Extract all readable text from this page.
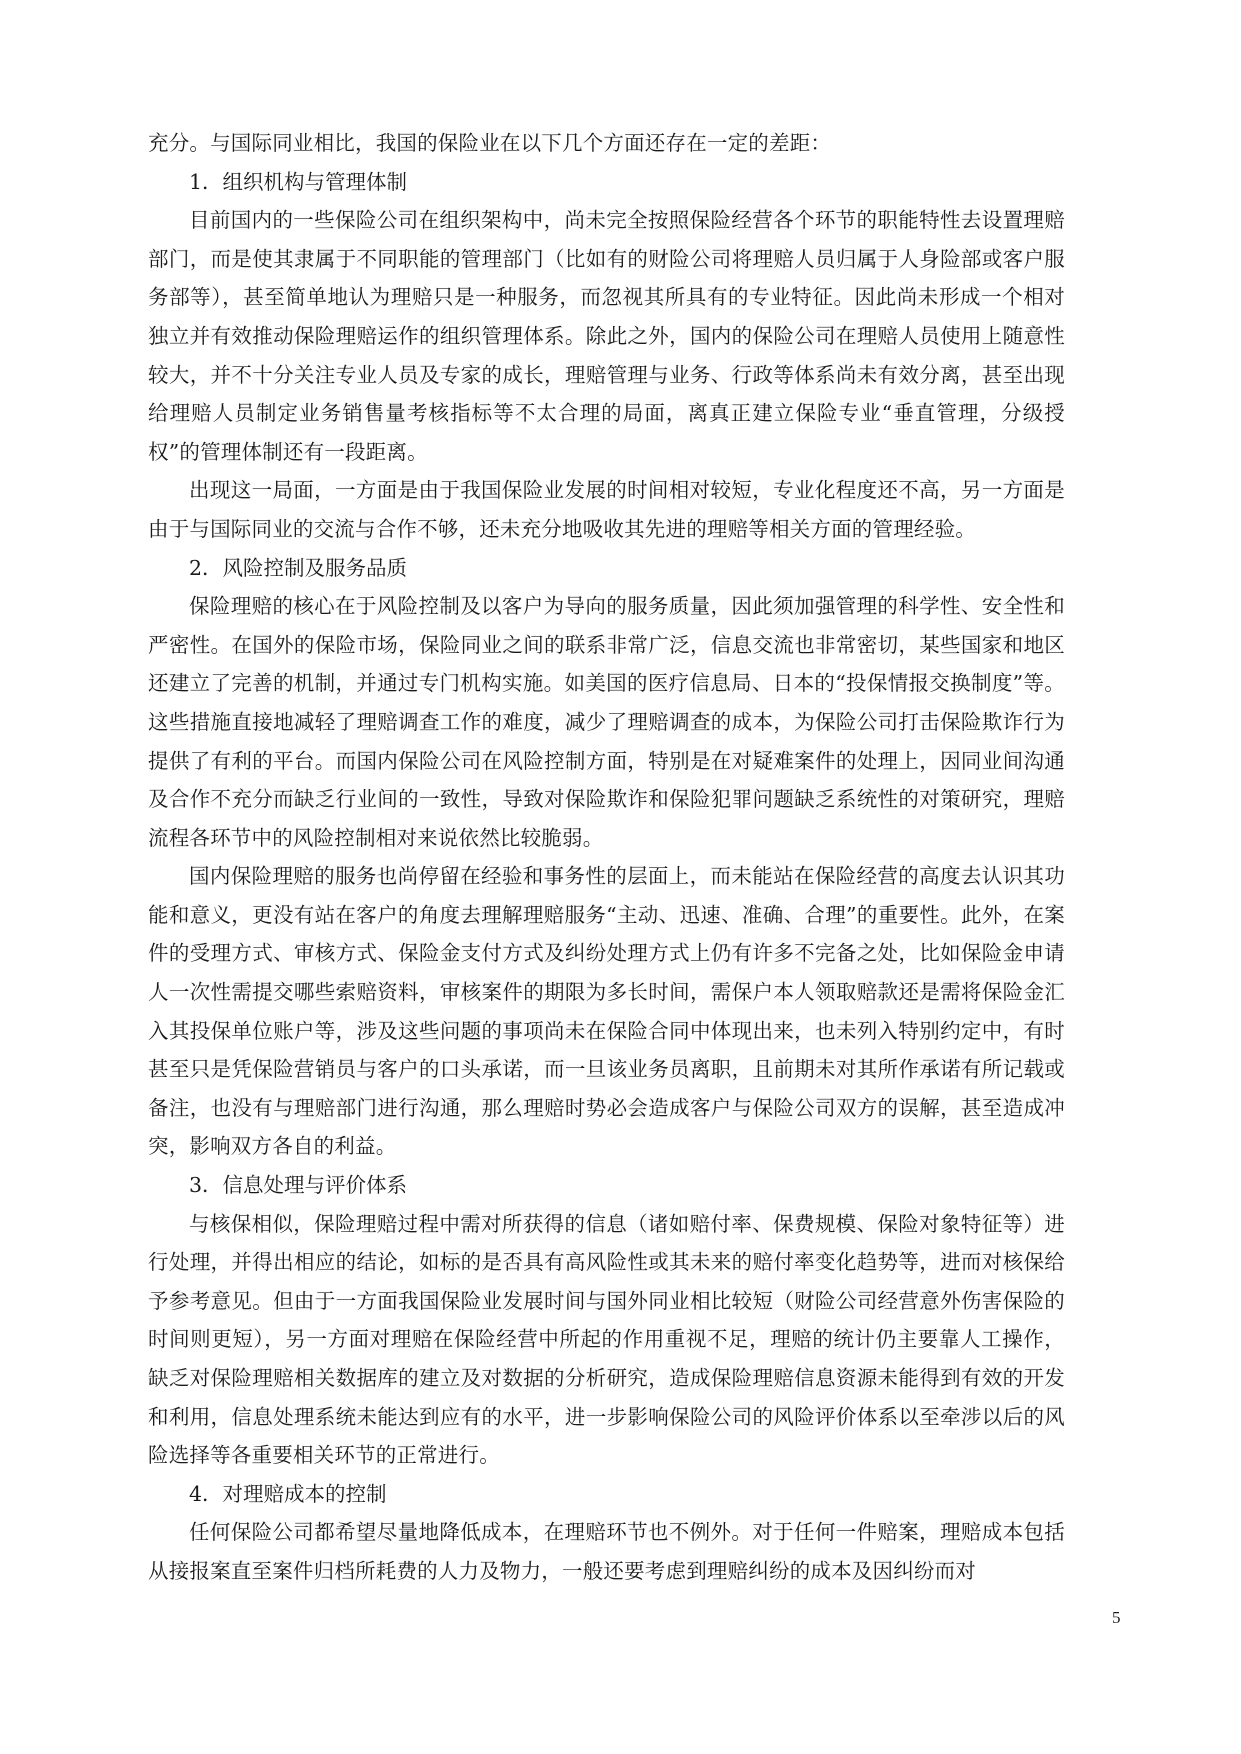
充分。与国际同业相比，我国的保险业在以下几个方面还存在一定的差距：

1．组织机构与管理体制

目前国内的一些保险公司在组织架构中，尚未完全按照保险经营各个环节的职能特性去设置理赔部门，而是使其隶属于不同职能的管理部门（比如有的财险公司将理赔人员归属于人身险部或客户服务部等），甚至简单地认为理赔只是一种服务，而忽视其所具有的专业特征。因此尚未形成一个相对独立并有效推动保险理赔运作的组织管理体系。除此之外，国内的保险公司在理赔人员使用上随意性较大，并不十分关注专业人员及专家的成长，理赔管理与业务、行政等体系尚未有效分离，甚至出现给理赔人员制定业务销售量考核指标等不太合理的局面，离真正建立保险专业“垂直管理，分级授权”的管理体制还有一段距离。

出现这一局面，一方面是由于我国保险业发展的时间相对较短，专业化程度还不高，另一方面是由于与国际同业的交流与合作不够，还未充分地吸收其先进的理赔等相关方面的管理经验。

2．风险控制及服务品质

保险理赔的核心在于风险控制及以客户为导向的服务质量，因此须加强管理的科学性、安全性和严密性。在国外的保险市场，保险同业之间的联系非常广泛，信息交流也非常密切，某些国家和地区还建立了完善的机制，并通过专门机构实施。如美国的医疗信息局、日本的“投保情报交换制度”等。这些措施直接地减轻了理赔调查工作的难度，减少了理赔调查的成本，为保险公司打击保险欺诈行为提供了有利的平台。而国内保险公司在风险控制方面，特别是在对疑难案件的处理上，因同业间沟通及合作不充分而缺乏行业间的一致性，导致对保险欺诈和保险犯罪问题缺乏系统性的对策研究，理赔流程各环节中的风险控制相对来说依然比较脆弱。

国内保险理赔的服务也尚停留在经验和事务性的层面上，而未能站在保险经营的高度去认识其功能和意义，更没有站在客户的角度去理解理赔服务“主动、迅速、准确、合理”的重要性。此外，在案件的受理方式、审核方式、保险金支付方式及纠纷处理方式上仍有许多不完备之处，比如保险金申请人一次性需提交哪些索赔资料，审核案件的期限为多长时间，需保户本人领取赔款还是需将保险金汇入其投保单位账户等，涉及这些问题的事项尚未在保险合同中体现出来，也未列入特别约定中，有时甚至只是凭保险营销员与客户的口头承诺，而一旦该业务员离职，且前期未对其所作承诺有所记载或备注，也没有与理赔部门进行沟通，那么理赔时势必会造成客户与保险公司双方的误解，甚至造成冲突，影响双方各自的利益。

3．信息处理与评价体系

与核保相似，保险理赔过程中需对所获得的信息（诸如赔付率、保费规模、保险对象特征等）进行处理，并得出相应的结论，如标的是否具有高风险性或其未来的赔付率变化趋势等，进而对核保给予参考意见。但由于一方面我国保险业发展时间与国外同业相比较短（财险公司经营意外伤害保险的时间则更短），另一方面对理赔在保险经营中所起的作用重视不足，理赔的统计仍主要靠人工操作，缺乏对保险理赔相关数据库的建立及对数据的分析研究，造成保险理赔信息资源未能得到有效的开发和利用，信息处理系统未能达到应有的水平，进一步影响保险公司的风险评价体系以至牵涉以后的风险选择等各重要相关环节的正常进行。

4．对理赔成本的控制

任何保险公司都希望尽量地降低成本，在理赔环节也不例外。对于任何一件赔案，理赔成本包括从接报案直至案件归档所耗费的人力及物力，一般还要考虑到理赔纠纷的成本及因纠纷而对

5
